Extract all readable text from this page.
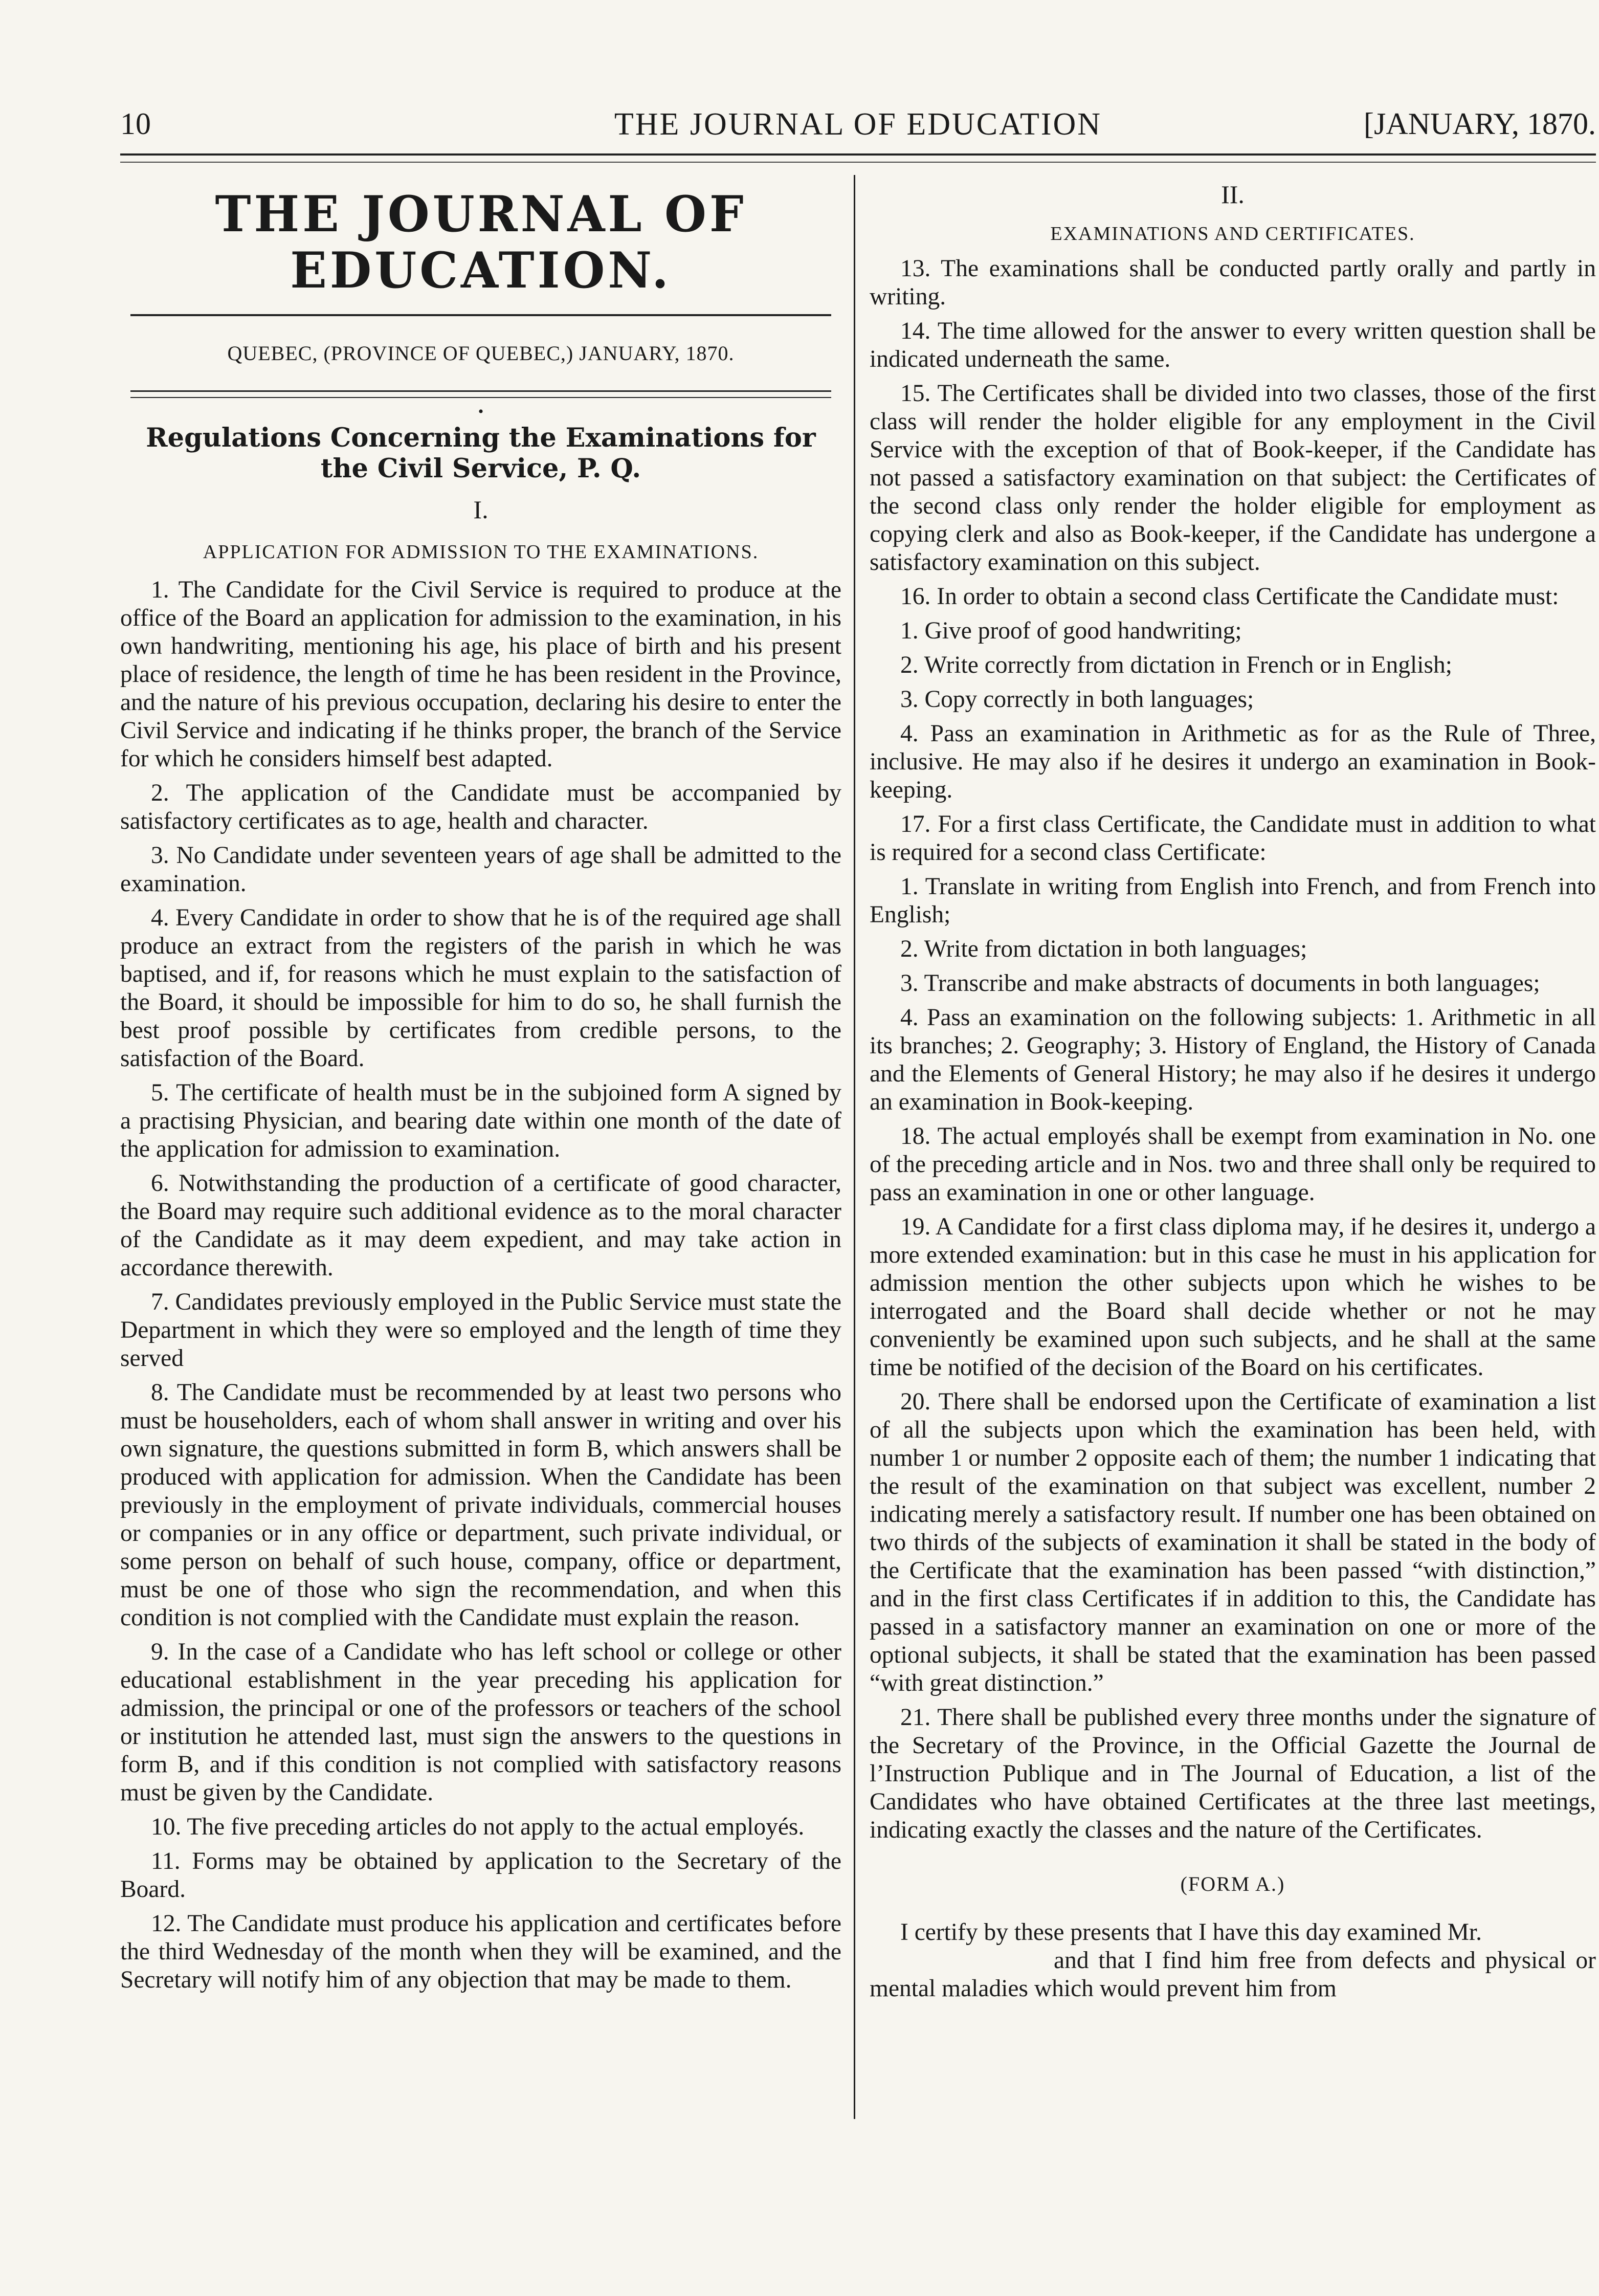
10	THE JOURNAL OF EDUCATION	[JANUARY, 1870.
THE JOURNAL OF EDUCATION.
QUEBEC, (PROVINCE OF QUEBEC,) JANUARY, 1870.
•
Regulations Concerning the Examinations for the Civil Service, P. Q.
I.
APPLICATION FOR ADMISSION TO THE EXAMINATIONS.

1. The Candidate for the Civil Service is required to produce at the office of the Board an application for admission to the examination, in his own handwriting, mentioning his age, his place of birth and his present place of residence, the length of time he has been resident in the Province, and the nature of his previous occupation, declaring his desire to enter the Civil Service and indicating if he thinks proper, the branch of the Service for which he considers himself best adapted.

2. The application of the Candidate must be accompanied by satisfactory certificates as to age, health and character.

3. No Candidate under seventeen years of age shall be admitted to the examination.

4. Every Candidate in order to show that he is of the required age shall produce an extract from the registers of the parish in which he was baptised, and if, for reasons which he must explain to the satisfaction of the Board, it should be impossible for him to do so, he shall furnish the best proof possible by certificates from credible persons, to the satisfaction of the Board.

5. The certificate of health must be in the subjoined form A signed by a practising Physician, and bearing date within one month of the date of the application for admission to examination.

6. Notwithstanding the production of a certificate of good character, the Board may require such additional evidence as to the moral character of the Candidate as it may deem expedient, and may take action in accordance therewith.

7. Candidates previously employed in the Public Service must state the Department in which they were so employed and the length of time they served

8. The Candidate must be recommended by at least two persons who must be householders, each of whom shall answer in writing and over his own signature, the questions submitted in form B, which answers shall be produced with application for admission. When the Candidate has been previously in the employment of private individuals, commercial houses or companies or in any office or department, such private individual, or some person on behalf of such house, company, office or department, must be one of those who sign the recommendation, and when this condition is not complied with the Candidate must explain the reason.

9. In the case of a Candidate who has left school or college or other educational establishment in the year preceding his application for admission, the principal or one of the professors or teachers of the school or institution he attended last, must sign the answers to the questions in form B, and if this condition is not complied with satisfactory reasons must be given by the Candidate.

10. The five preceding articles do not apply to the actual employés.

11. Forms may be obtained by application to the Secretary of the Board.

12. The Candidate must produce his application and certificates before the third Wednesday of the month when they will be examined, and the Secretary will notify him of any objection that may be made to them.

II.
EXAMINATIONS AND CERTIFICATES.

13. The examinations shall be conducted partly orally and partly in writing.

14. The time allowed for the answer to every written question shall be indicated underneath the same.

15. The Certificates shall be divided into two classes, those of the first class will render the holder eligible for any employment in the Civil Service with the exception of that of Book-keeper, if the Candidate has not passed a satisfactory examination on that subject: the Certificates of the second class only render the holder eligible for employment as copying clerk and also as Book-keeper, if the Candidate has undergone a satisfactory examination on this subject.

16. In order to obtain a second class Certificate the Candidate must:

1. Give proof of good handwriting;

2. Write correctly from dictation in French or in English;

3. Copy correctly in both languages;

4. Pass an examination in Arithmetic as for as the Rule of Three, inclusive. He may also if he desires it undergo an examination in Book-keeping.

17. For a first class Certificate, the Candidate must in addition to what is required for a second class Certificate:

1. Translate in writing from English into French, and from French into English;

2. Write from dictation in both languages;

3. Transcribe and make abstracts of documents in both languages;

4. Pass an examination on the following subjects: 1. Arithmetic in all its branches; 2. Geography; 3. History of England, the History of Canada and the Elements of General History; he may also if he desires it undergo an examination in Book-keeping.

18. The actual employés shall be exempt from examination in No. one of the preceding article and in Nos. two and three shall only be required to pass an examination in one or other language.

19. A Candidate for a first class diploma may, if he desires it, undergo a more extended examination: but in this case he must in his application for admission mention the other subjects upon which he wishes to be interrogated and the Board shall decide whether or not he may conveniently be examined upon such subjects, and he shall at the same time be notified of the decision of the Board on his certificates.

20. There shall be endorsed upon the Certificate of examination a list of all the subjects upon which the examination has been held, with number 1 or number 2 opposite each of them; the number 1 indicating that the result of the examination on that subject was excellent, number 2 indicating merely a satisfactory result. If number one has been obtained on two thirds of the subjects of examination it shall be stated in the body of the Certificate that the examination has been passed “with distinction,” and in the first class Certificates if in addition to this, the Candidate has passed in a satisfactory manner an examination on one or more of the optional subjects, it shall be stated that the examination has been passed “with great distinction.”

21. There shall be published every three months under the signature of the Secretary of the Province, in the Official Gazette the Journal de l’Instruction Publique and in The Journal of Education, a list of the Candidates who have obtained Certificates at the three last meetings, indicating exactly the classes and the nature of the Certificates.

(FORM A.)

I certify by these presents that I have this day examined Mr.

and that I find him free from defects and physical or mental maladies which would prevent him from
